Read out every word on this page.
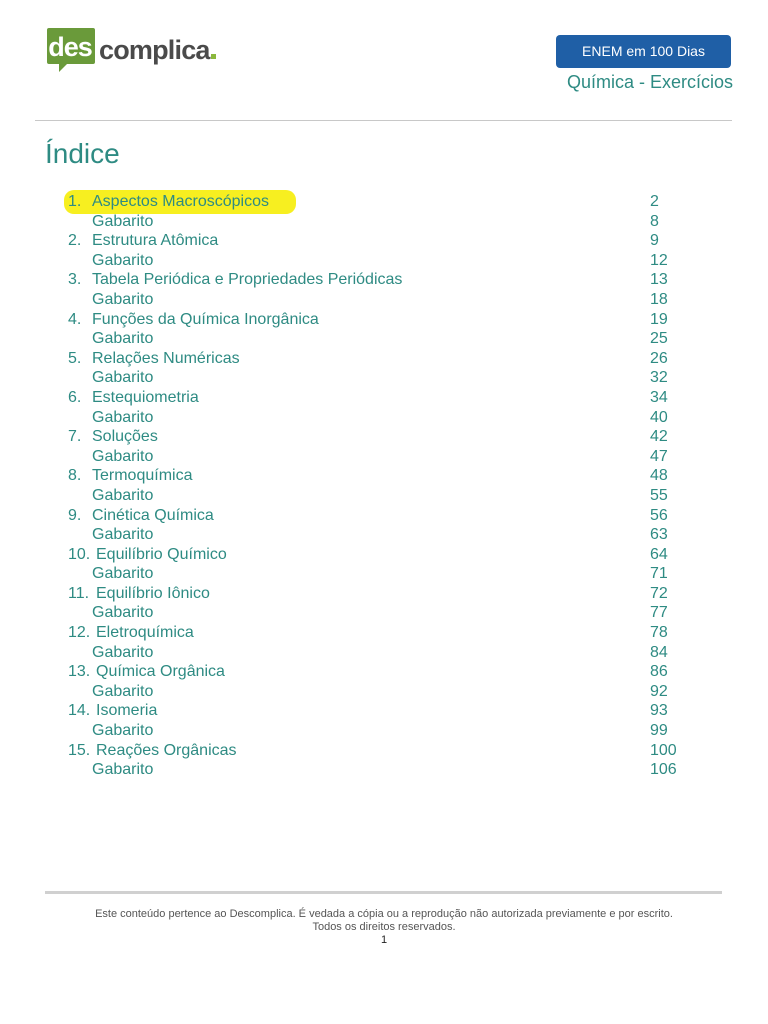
des complica	ENEM em 100 Dias
Química - Exercícios
Índice
1. Aspectos Macroscópicos	2
Gabarito	8
2. Estrutura Atômica	9
Gabarito	12
3. Tabela Periódica e Propriedades Periódicas	13
Gabarito	18
4. Funções da Química Inorgânica	19
Gabarito	25
5. Relações Numéricas	26
Gabarito	32
6. Estequiometria	34
Gabarito	40
7. Soluções	42
Gabarito	47
8. Termoquímica	48
Gabarito	55
9. Cinética Química	56
Gabarito	63
10. Equilíbrio Químico	64
Gabarito	71
11. Equilíbrio Iônico	72
Gabarito	77
12. Eletroquímica	78
Gabarito	84
13. Química Orgânica	86
Gabarito	92
14. Isomeria	93
Gabarito	99
15. Reações Orgânicas	100
Gabarito	106
Este conteúdo pertence ao Descomplica. É vedada a cópia ou a reprodução não autorizada previamente e por escrito.
Todos os direitos reservados.
1
